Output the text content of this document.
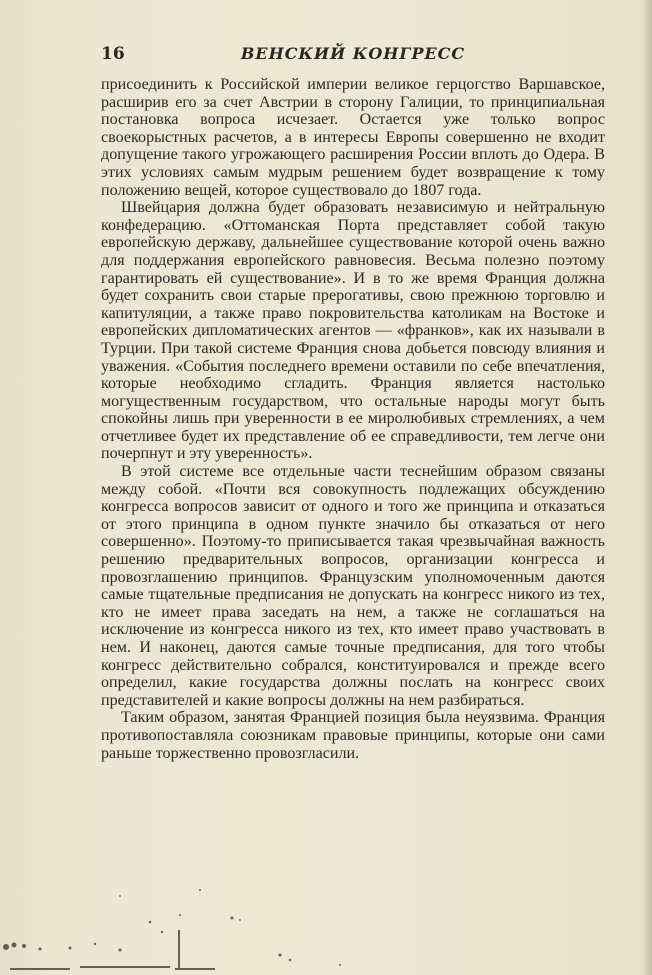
16	ВЕНСКИЙ КОНГРЕСС

присоединить к Российской империи великое герцогство Варшавское, расширив его за счет Австрии в сторону Галиции, то принципиальная постановка вопроса исчезает. Остается уже только вопрос своекорыстных расчетов, а в интересы Европы совершенно не входит допущение такого угрожающего расширения России вплоть до Одера. В этих условиях самым мудрым решением будет возвращение к тому положению вещей, которое существовало до 1807 года.

Швейцария должна будет образовать независимую и нейтральную конфедерацию. «Оттоманская Порта представляет собой такую европейскую державу, дальнейшее существование которой очень важно для поддержания европейского равновесия. Весьма полезно поэтому гарантировать ей существование». И в то же время Франция должна будет сохранить свои старые прерогативы, свою прежнюю торговлю и капитуляции, а также право покровительства католикам на Востоке и европейских дипломатических агентов — «франков», как их называли в Турции. При такой системе Франция снова добьется повсюду влияния и уважения. «События последнего времени оставили по себе впечатления, которые необходимо сгладить. Франция является настолько могущественным государством, что остальные народы могут быть спокойны лишь при уверенности в ее миролюбивых стремлениях, а чем отчетливее будет их представление об ее справедливости, тем легче они почерпнут и эту уверенность».

В этой системе все отдельные части теснейшим образом связаны между собой. «Почти вся совокупность подлежащих обсуждению конгресса вопросов зависит от одного и того же принципа и отказаться от этого принципа в одном пункте значило бы отказаться от него совершенно». Поэтому-то приписывается такая чрезвычайная важность решению предварительных вопросов, организации конгресса и провозглашению принципов. Французским уполномоченным даются самые тщательные предписания не допускать на конгресс никого из тех, кто не имеет права заседать на нем, а также не соглашаться на исключение из конгресса никого из тех, кто имеет право участвовать в нем. И наконец, даются самые точные предписания, для того чтобы конгресс действительно собрался, конституировался и прежде всего определил, какие государства должны послать на конгресс своих представителей и какие вопросы должны на нем разбираться.

Таким образом, занятая Францией позиция была неуязвима. Франция противопоставляла союзникам правовые принципы, которые они сами раньше торжественно провозгласили.
